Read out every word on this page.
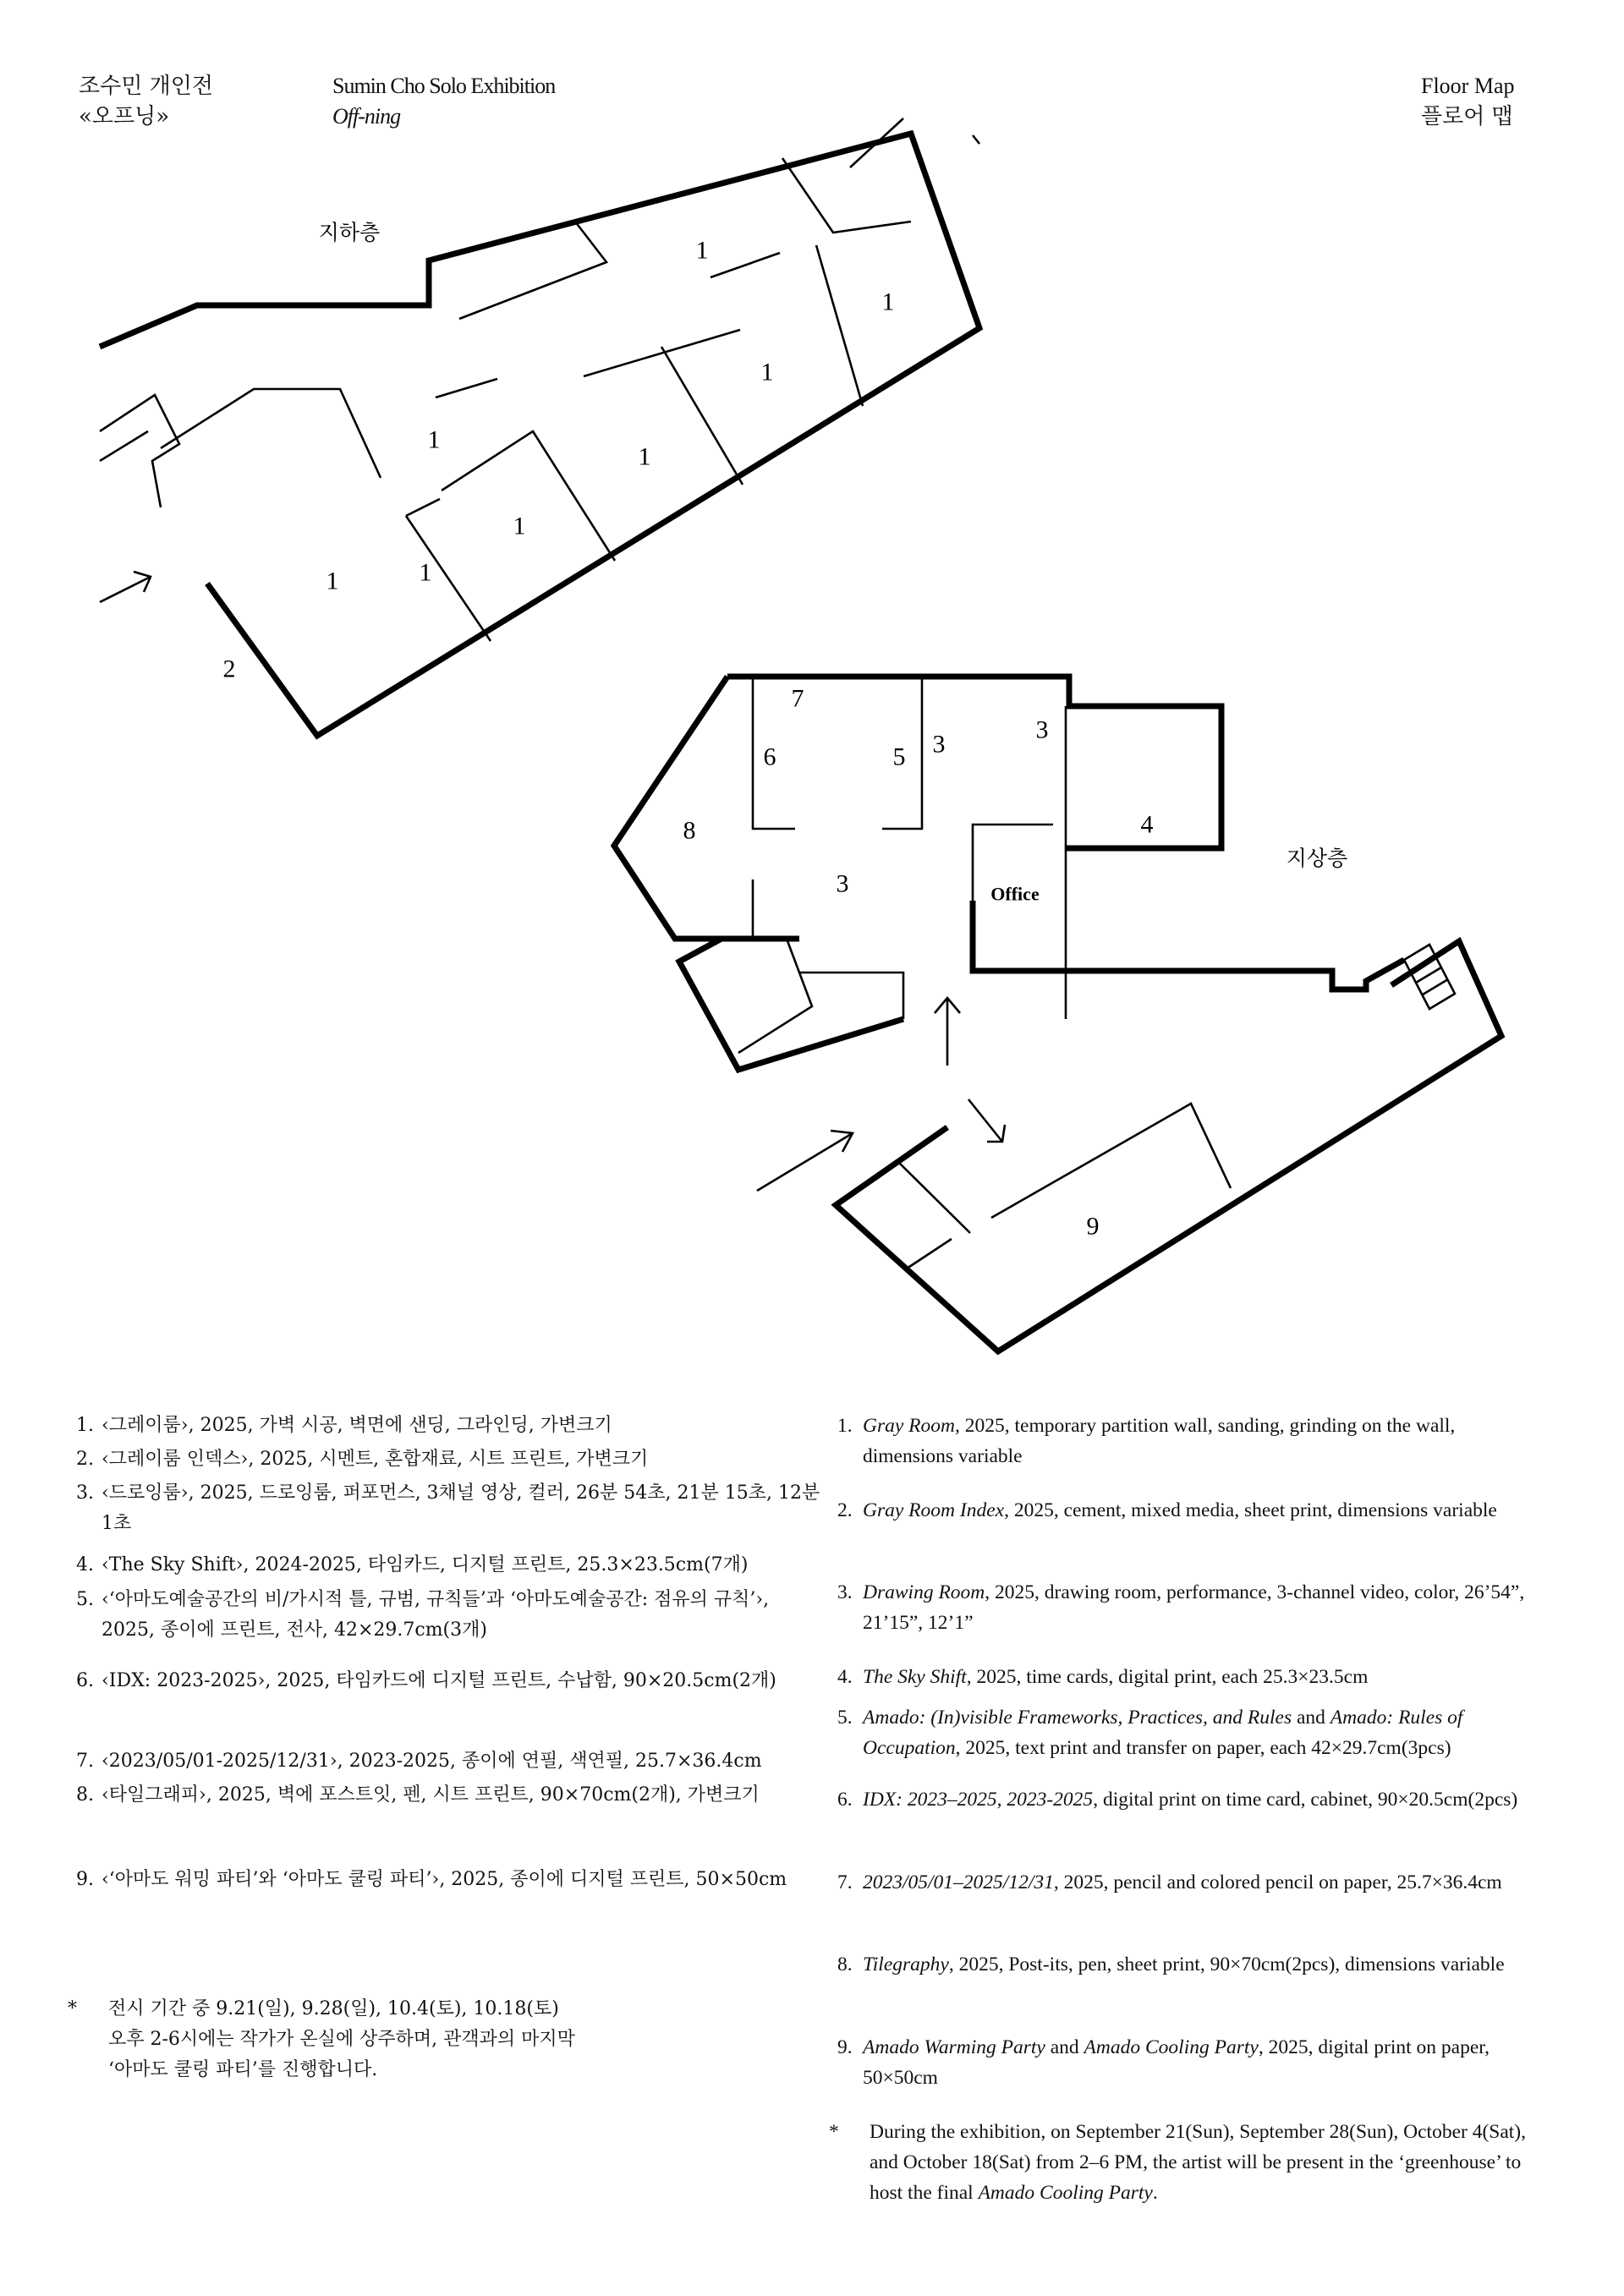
조수민 개인전
«오프닝»
Sumin Cho Solo Exhibition
Off-ning
Floor Map
플로어 맵
지하층
1
1
1
1
1
1
1	1
2
지상층
Office
7
6	5 3
3
3
8	4
9
1. ‹그레이룸›, 2025, 가벽 시공, 벽면에 샌딩, 그라인딩, 가변크기
2. ‹그레이룸 인덱스›, 2025, 시멘트, 혼합재료, 시트 프린트, 가변크기
3. ‹드로잉룸›, 2025, 드로잉룸, 퍼포먼스, 3채널 영상, 컬러, 26분 54초, 21분 15초, 12분 1초
4. ‹The Sky Shift›, 2024-2025, 타임카드, 디지털 프린트, 25.3×23.5cm(7개)
5. ‹‘아마도예술공간의 비/가시적 틀, 규범, 규칙들’과 ‘아마도예술공간: 점유의 규칙’›, 2025, 종이에 프린트, 전사, 42×29.7cm(3개)
6. ‹IDX: 2023-2025›, 2025, 타임카드에 디지털 프린트, 수납함, 90×20.5cm(2개)
7. ‹2023/05/01-2025/12/31›, 2023-2025, 종이에 연필, 색연필, 25.7×36.4cm
8. ‹타일그래피›, 2025, 벽에 포스트잇, 펜, 시트 프린트, 90×70cm(2개), 가변크기
9. ‹‘아마도 워밍 파티’와 ‘아마도 쿨링 파티’›, 2025, 종이에 디지털 프린트, 50×50cm
*	전시 기간 중 9.21(일), 9.28(일), 10.4(토), 10.18(토)
오후 2-6시에는 작가가 온실에 상주하며, 관객과의 마지막
‘아마도 쿨링 파티’를 진행합니다.
1. Gray Room, 2025, temporary partition wall, sanding, grinding on the wall, dimensions variable
2. Gray Room Index, 2025, cement, mixed media, sheet print, dimensions variable
3. Drawing Room, 2025, drawing room, performance, 3-channel video, color, 26’54”, 21’15”, 12’1”
4. The Sky Shift, 2025, time cards, digital print, each 25.3×23.5cm
5. Amado: (In)visible Frameworks, Practices, and Rules and Amado: Rules of Occupation, 2025, text print and transfer on paper, each 42×29.7cm(3pcs)
6. IDX: 2023–2025, 2023-2025, digital print on time card, cabinet, 90×20.5cm(2pcs)
7. 2023/05/01–2025/12/31, 2025, pencil and colored pencil on paper, 25.7×36.4cm
8. Tilegraphy, 2025, Post-its, pen, sheet print, 90×70cm(2pcs), dimensions variable
9. Amado Warming Party and Amado Cooling Party, 2025, digital print on paper, 50×50cm
*	During the exhibition, on September 21(Sun), September 28(Sun), October 4(Sat), and October 18(Sat) from 2–6 PM, the artist will be present in the ‘greenhouse’ to host the final Amado Cooling Party.
